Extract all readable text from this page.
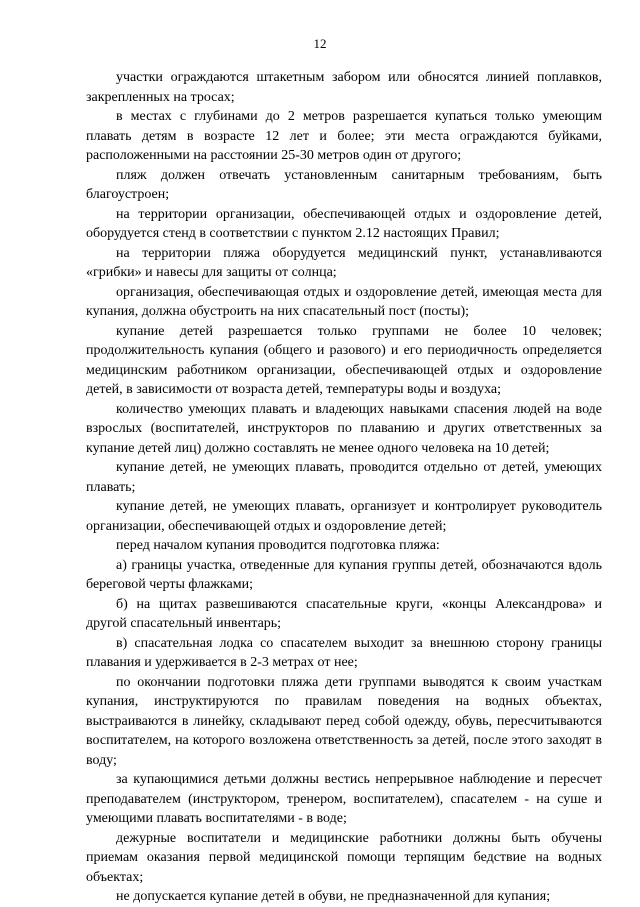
12

участки ограждаются штакетным забором или обносятся линией поплавков, закрепленных на тросах;

в местах с глубинами до 2 метров разрешается купаться только умеющим плавать детям в возрасте 12 лет и более; эти места ограждаются буйками, расположенными на расстоянии 25-30 метров один от другого;

пляж должен отвечать установленным санитарным требованиям, быть благоустроен;

на территории организации, обеспечивающей отдых и оздоровление детей, оборудуется стенд в соответствии с пунктом 2.12 настоящих Правил;

на территории пляжа оборудуется медицинский пункт, устанавливаются «грибки» и навесы для защиты от солнца;

организация, обеспечивающая отдых и оздоровление детей, имеющая места для купания, должна обустроить на них спасательный пост (посты);

купание детей разрешается только группами не более 10 человек; продолжительность купания (общего и разового) и его периодичность определяется медицинским работником организации, обеспечивающей отдых и оздоровление детей, в зависимости от возраста детей, температуры воды и воздуха;

количество умеющих плавать и владеющих навыками спасения людей на воде взрослых (воспитателей, инструкторов по плаванию и других ответственных за купание детей лиц) должно составлять не менее одного человека на 10 детей;

купание детей, не умеющих плавать, проводится отдельно от детей, умеющих плавать;

купание детей, не умеющих плавать, организует и контролирует руководитель организации, обеспечивающей отдых и оздоровление детей;

перед началом купания проводится подготовка пляжа:

а) границы участка, отведенные для купания группы детей, обозначаются вдоль береговой черты флажками;

б) на щитах развешиваются спасательные круги, «концы Александрова» и другой спасательный инвентарь;

в) спасательная лодка со спасателем выходит за внешнюю сторону границы плавания и удерживается в 2-3 метрах от нее;

по окончании подготовки пляжа дети группами выводятся к своим участкам купания, инструктируются по правилам поведения на водных объектах, выстраиваются в линейку, складывают перед собой одежду, обувь, пересчитываются воспитателем, на которого возложена ответственность за детей, после этого заходят в воду;

за купающимися детьми должны вестись непрерывное наблюдение и пересчет преподавателем (инструктором, тренером, воспитателем), спасателем - на суше и умеющими плавать воспитателями - в воде;

дежурные воспитатели и медицинские работники должны быть обучены приемам оказания первой медицинской помощи терпящим бедствие на водных объектах;

не допускается купание детей в обуви, не предназначенной для купания;
